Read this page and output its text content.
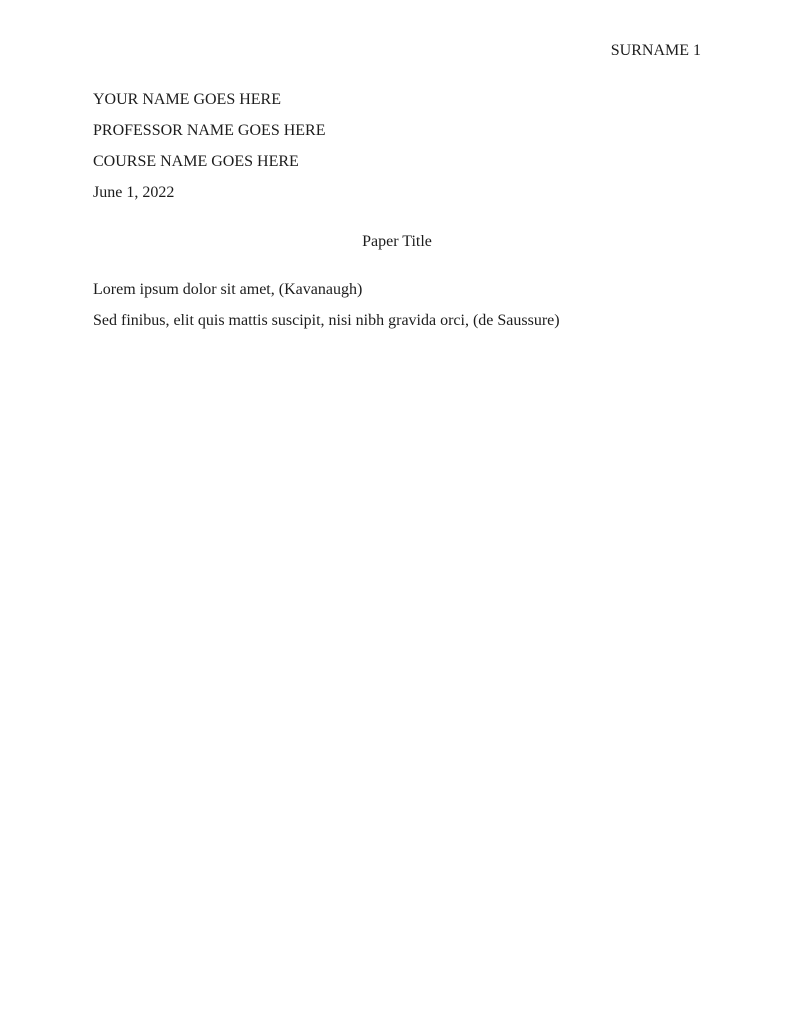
SURNAME 1
YOUR NAME GOES HERE
PROFESSOR NAME GOES HERE
COURSE NAME GOES HERE
June 1, 2022
Paper Title
Lorem ipsum dolor sit amet, (Kavanaugh)
Sed finibus, elit quis mattis suscipit, nisi nibh gravida orci, (de Saussure)
